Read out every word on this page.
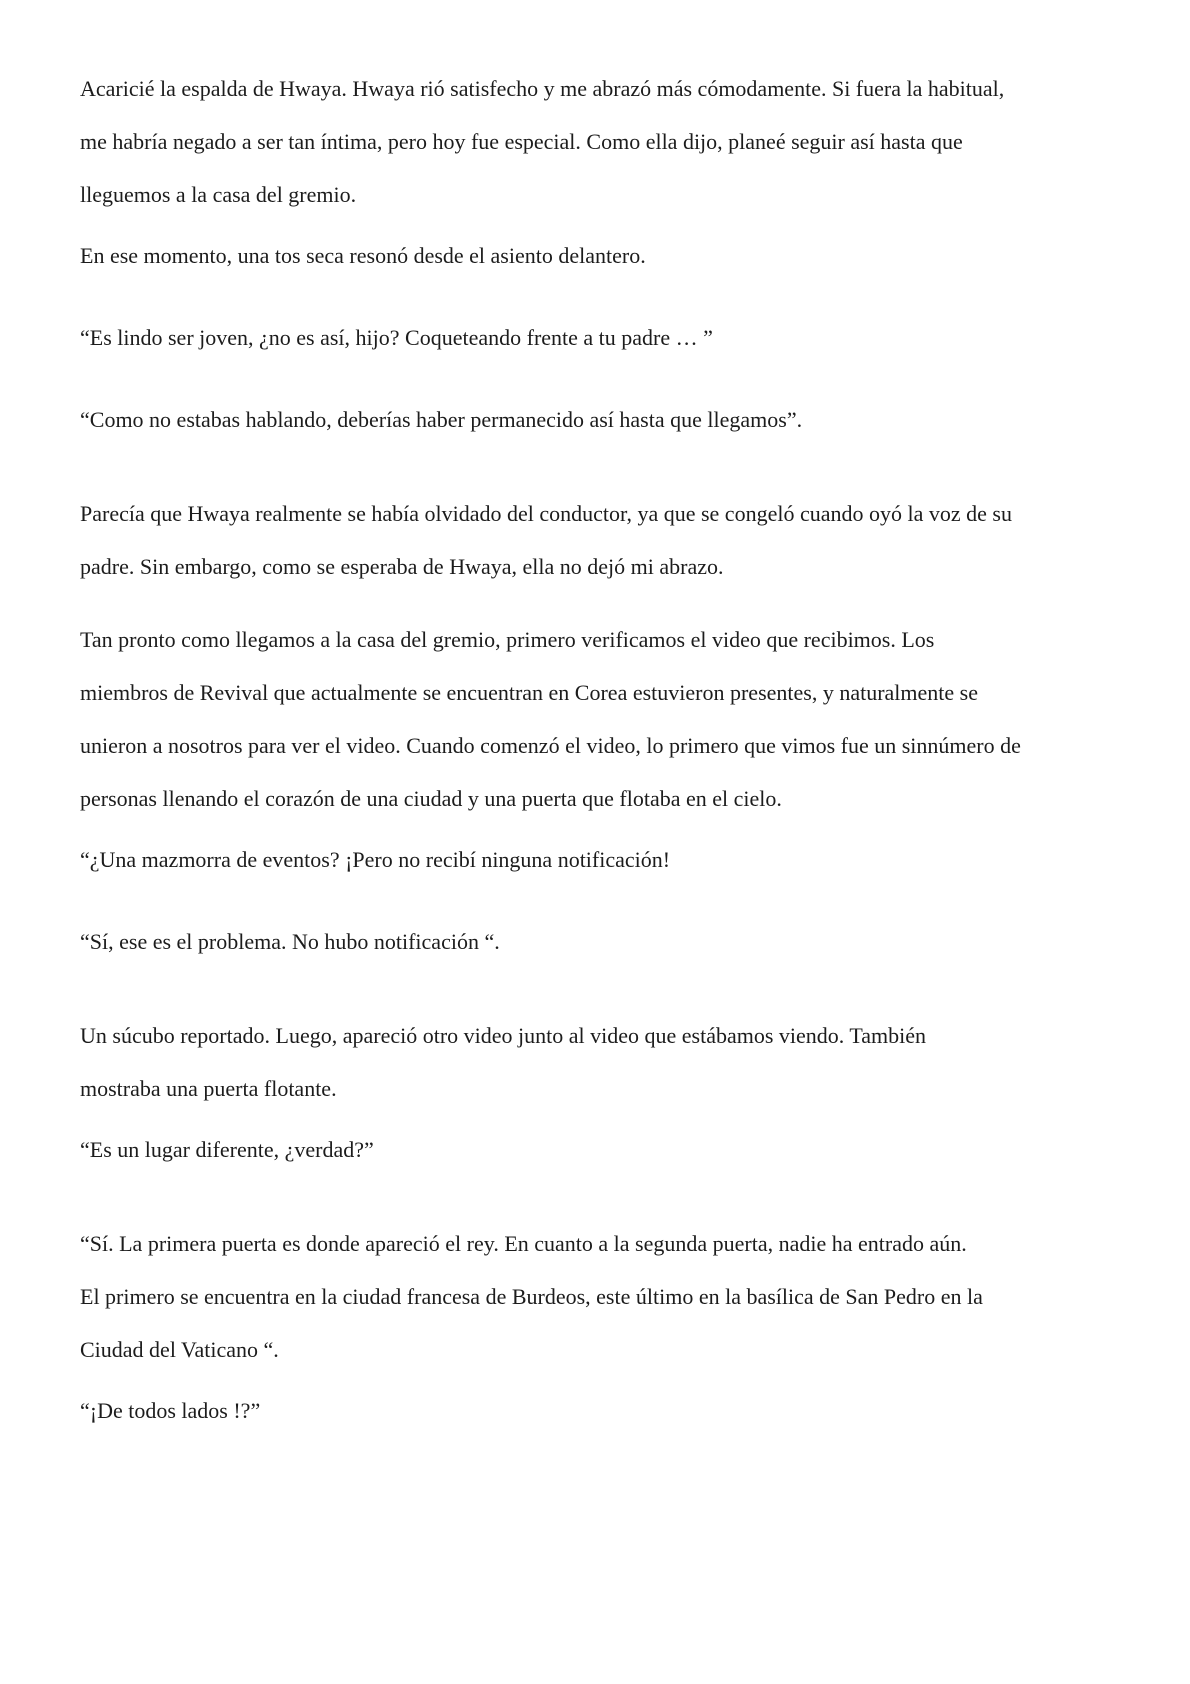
Acaricié la espalda de Hwaya. Hwaya rió satisfecho y me abrazó más cómodamente. Si fuera la habitual,
me habría negado a ser tan íntima, pero hoy fue especial. Como ella dijo, planeé seguir así hasta que
lleguemos a la casa del gremio.

En ese momento, una tos seca resonó desde el asiento delantero.

“Es lindo ser joven, ¿no es así, hijo? Coqueteando frente a tu padre … ”

“Como no estabas hablando, deberías haber permanecido así hasta que llegamos”.

Parecía que Hwaya realmente se había olvidado del conductor, ya que se congeló cuando oyó la voz de su
padre. Sin embargo, como se esperaba de Hwaya, ella no dejó mi abrazo.

Tan pronto como llegamos a la casa del gremio, primero verificamos el video que recibimos. Los
miembros de Revival que actualmente se encuentran en Corea estuvieron presentes, y naturalmente se
unieron a nosotros para ver el video. Cuando comenzó el video, lo primero que vimos fue un sinnúmero de
personas llenando el corazón de una ciudad y una puerta que flotaba en el cielo.

“¿Una mazmorra de eventos? ¡Pero no recibí ninguna notificación!

“Sí, ese es el problema. No hubo notificación “.

Un súcubo reportado. Luego, apareció otro video junto al video que estábamos viendo. También
mostraba una puerta flotante.

“Es un lugar diferente, ¿verdad?”

“Sí. La primera puerta es donde apareció el rey. En cuanto a la segunda puerta, nadie ha entrado aún.
El primero se encuentra en la ciudad francesa de Burdeos, este último en la basílica de San Pedro en la
Ciudad del Vaticano “.

“¡De todos lados !?”
